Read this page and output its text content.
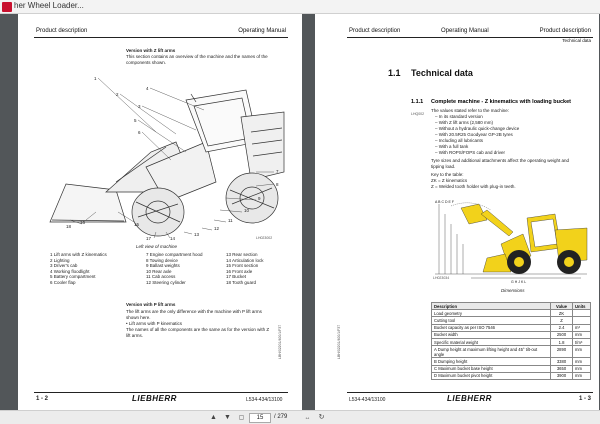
her Wheel Loader...
Product description	Operating Manual
Version with Z lift arms
This section contains an overview of the machine and the names of the
components shown.
1
2
3
4
5
6
7
8
9
10
11
12
13
14
15
16
17
18
LH023002
Left view of machine
1 Lift arms with Z kinematics
2 Lighting
3 Driver's cab
4 Working floodlight
5 Battery compartment
6 Cooler flap
7 Engine compartment hood
8 Towing device
9 Ballast weights
10 Rear axle
11 Cab access
12 Steering cylinder
13 Rear section
14 Articulation lock
15 Front section
16 Front axle
17 Bucket
18 Tooth guard
Version with P lift arms
The lift arms are the only difference with the machine with P lift arms
shown here.
• Lift arms with P kinematics
The names of all the components are the same as for the version with Z
lift arms.	LBH/02201/400/1/F37
1 - 2	LIEBHERR	L534-434/13100
Product description	Operating Manual	Product description
Technical data
1.1 Technical data
1.1.1 Complete machine - Z kinematics with loading bucket
LHQ002
The values stated refer to the machine:
– In its standard version
– With Z lift arms (2,580 mm)
– Without a hydraulic quick-change device
– With 20.5R25 Goodyear GP-2B tyres
– Including all lubricants
– With a full tank
– With ROPS/FOPS cab and driver
Tyre sizes and additional attachments affect the operating weight and
tipping load.
Key to the table:
ZK = Z kinematics
Z = Welded tooth holder with plug-in teeth.
A B C D E F
G H J K L
LH023034
Dimensions
Description	Value	Units
Load geometry	ZK	
Cutting tool	Z	
Bucket capacity as per ISO 7546	2.4	m³
Bucket width	2500	mm
Specific material weight	1.8	t/m³
A Dump height at maximum lifting height and 45° tilt-out angle	2890	mm
B Dumping height	3380	mm
C Maximum bucket base height	3650	mm
D Maximum bucket pivot height	3900	mm
LBH/02201/400/1/F37
L534-434/13100	LIEBHERR	1 - 3
▲ ▼	▢	15	/ 279	↔	↻
